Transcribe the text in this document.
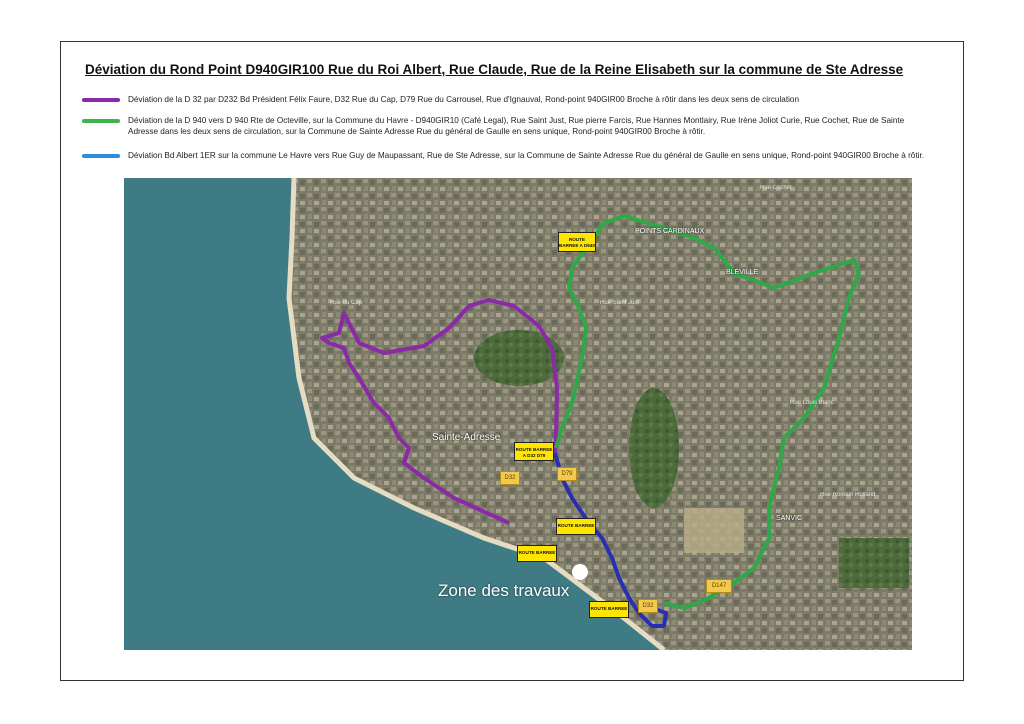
Déviation du Rond Point D940GIR100 Rue du Roi Albert, Rue Claude, Rue de la Reine Elisabeth sur la commune de Ste Adresse
Déviation de la D 32 par D232 Bd Président Félix Faure, D32 Rue du Cap, D79 Rue du Carrousel, Rue d'Ignauval, Rond-point 940GIR00 Broche à rôtir dans les deux sens de circulation
Déviation de la D 940 vers D 940 Rte de Octeville, sur la Commune du Havre - D940GIR10 (Café Legal), Rue Saint Just, Rue pierre Farcis, Rue Hannes Montlairy, Rue Irène Joliot Curie, Rue Cochet, Rue de Sainte Adresse dans les deux sens de circulation, sur la Commune de Sainte Adresse Rue du général de Gaulle en sens unique, Rond-point 940GIR00 Broche à rôtir.
Déviation Bd Albert 1ER sur la commune Le Havre vers Rue Guy de Maupassant, Rue de Ste Adresse, sur la Commune de Sainte Adresse Rue du général de Gaulle en sens unique, Rond-point 940GIR00 Broche à rôtir.
Zone des travaux
Sainte-Adresse
POINTS CARDINAUX
BLÉVILLE
SANVIC
Rue Cochet
Rue Saint Just
Rue Louis Blanc
Rue du Cap
Rue Romain Rolland
ROUTE BARREE A D940
ROUTE BARREE A D32 D79
ROUTE BARREE
ROUTE BARREE
ROUTE BARREE
D32
D79
D32
D147
